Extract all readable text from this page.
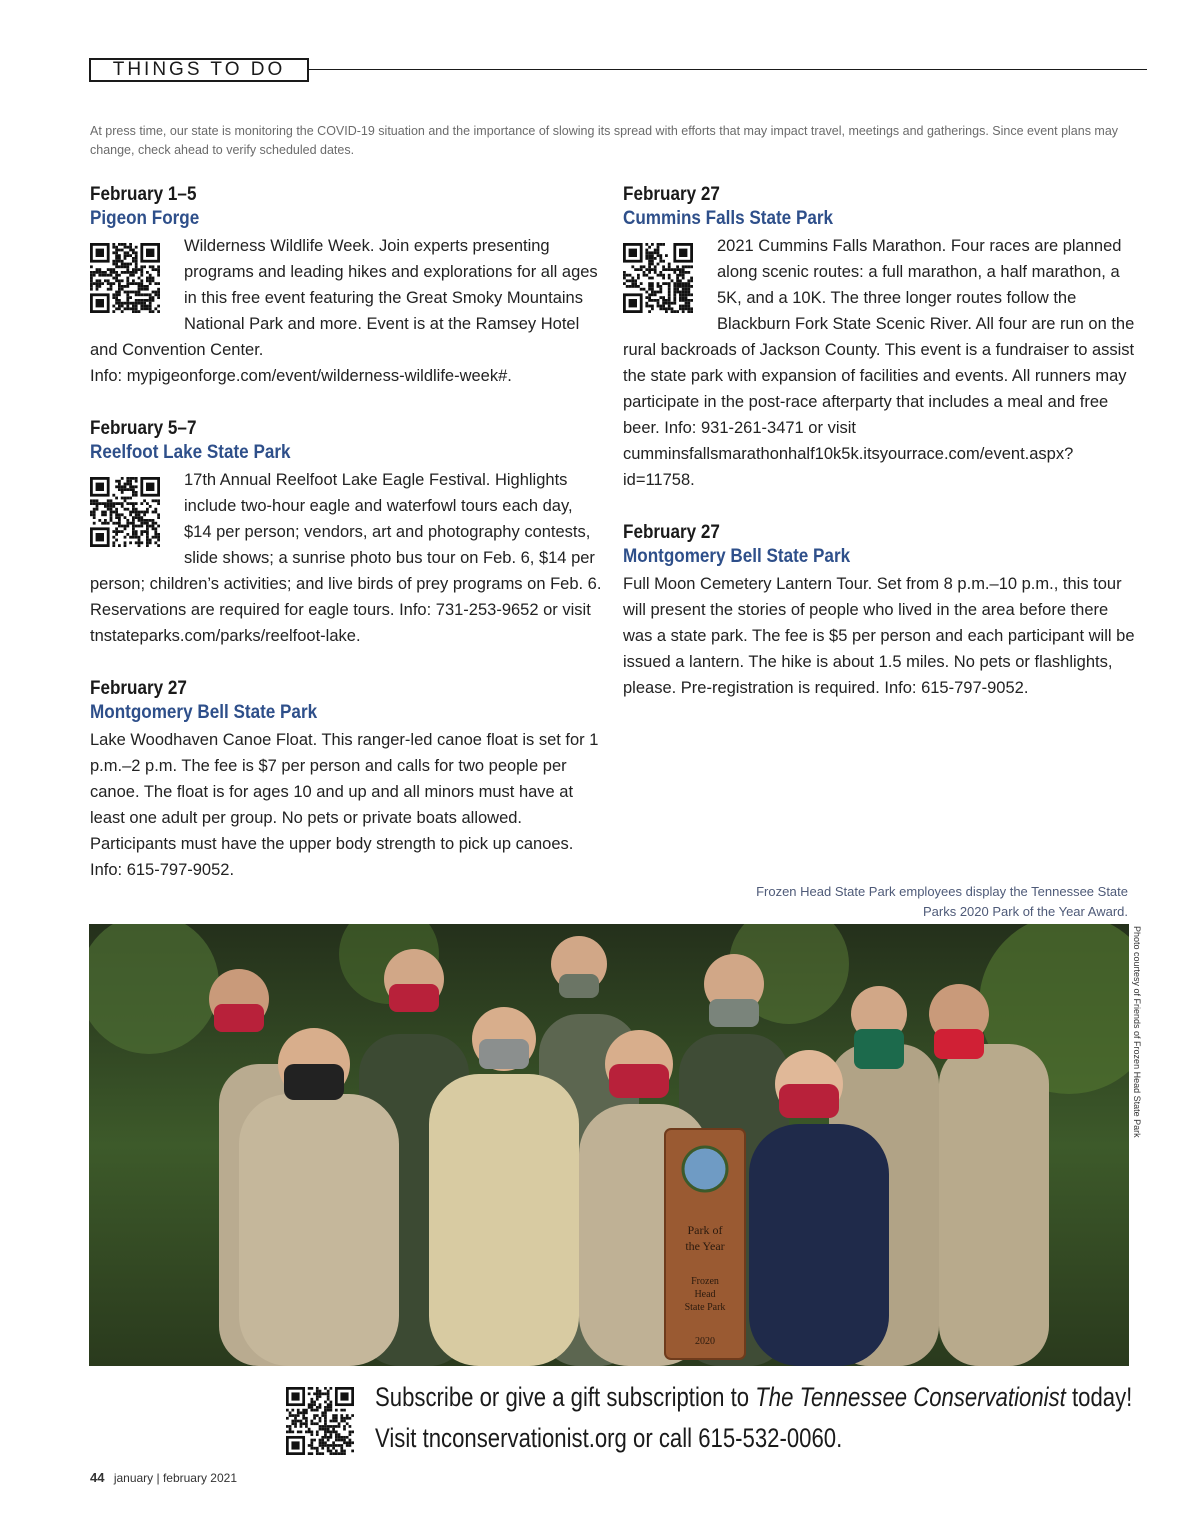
THINGS TO DO
At press time, our state is monitoring the COVID-19 situation and the importance of slowing its spread with efforts that may impact travel, meetings and gatherings. Since event plans may change, check ahead to verify scheduled dates.
February 1–5
Pigeon Forge
Wilderness Wildlife Week. Join experts presenting programs and leading hikes and explorations for all ages in this free event featuring the Great Smoky Mountains National Park and more. Event is at the Ramsey Hotel and Convention Center.
Info: mypigeonforge.com/event/wilderness-wildlife-week#.
February 5–7
Reelfoot Lake State Park
17th Annual Reelfoot Lake Eagle Festival. Highlights include two-hour eagle and waterfowl tours each day, $14 per person; vendors, art and photography contests, slide shows; a sunrise photo bus tour on Feb. 6, $14 per person; children’s activities; and live birds of prey programs on Feb. 6. Reservations are required for eagle tours. Info: 731-253-9652 or visit tnstateparks.com/parks/reelfoot-lake.
February 27
Montgomery Bell State Park
Lake Woodhaven Canoe Float. This ranger-led canoe float is set for 1 p.m.–2 p.m. The fee is $7 per person and calls for two people per canoe. The float is for ages 10 and up and all minors must have at least one adult per group. No pets or private boats allowed. Participants must have the upper body strength to pick up canoes. Info: 615-797-9052.
February 27
Cummins Falls State Park
2021 Cummins Falls Marathon. Four races are planned along scenic routes: a full marathon, a half marathon, a 5K, and a 10K. The three longer routes follow the Blackburn Fork State Scenic River. All four are run on the rural backroads of Jackson County. This event is a fundraiser to assist the state park with expansion of facilities and events. All runners may participate in the post-race afterparty that includes a meal and free beer. Info: 931-261-3471 or visit cumminsfallsmarathonhalf10k5k.itsyourrace.com/event.aspx?id=11758.
February 27
Montgomery Bell State Park
Full Moon Cemetery Lantern Tour. Set from 8 p.m.–10 p.m., this tour will present the stories of people who lived in the area before there was a state park. The fee is $5 per person and each participant will be issued a lantern. The hike is about 1.5 miles. No pets or flashlights, please. Pre-registration is required. Info: 615-797-9052.
Frozen Head State Park employees display the Tennessee State Parks 2020 Park of the Year Award.
Park of
the Year
Frozen
Head
State Park
2020
Photo courtesy of Friends of Frozen Head State Park
Subscribe or give a gift subscription to The Tennessee Conservationist today!
Visit tnconservationist.org or call 615-532-0060.
44 january | february 2021
